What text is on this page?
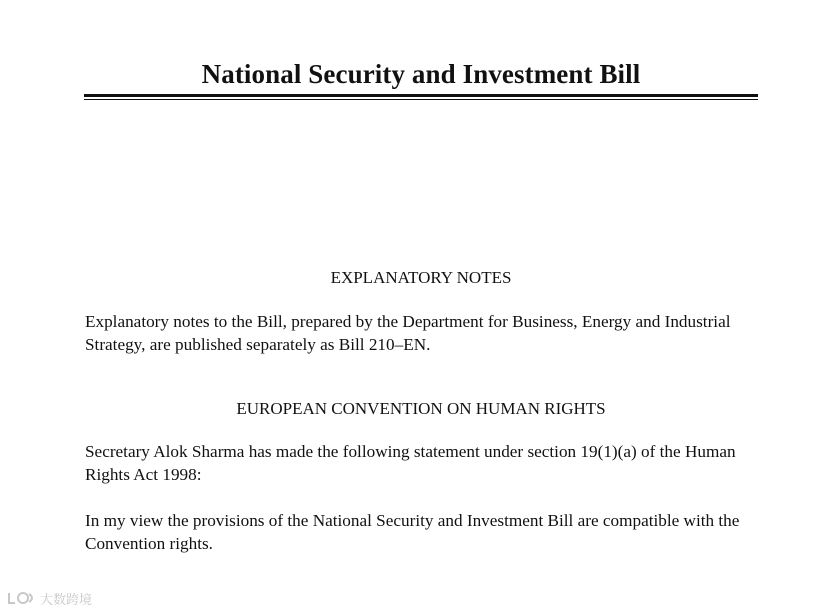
National Security and Investment Bill
EXPLANATORY NOTES

Explanatory notes to the Bill, prepared by the Department for Business, Energy and Industrial Strategy, are published separately as Bill 210–EN.

EUROPEAN CONVENTION ON HUMAN RIGHTS

Secretary Alok Sharma has made the following statement under section 19(1)(a) of the Human Rights Act 1998:

In my view the provisions of the National Security and Investment Bill are compatible with the Convention rights.

大数跨境
